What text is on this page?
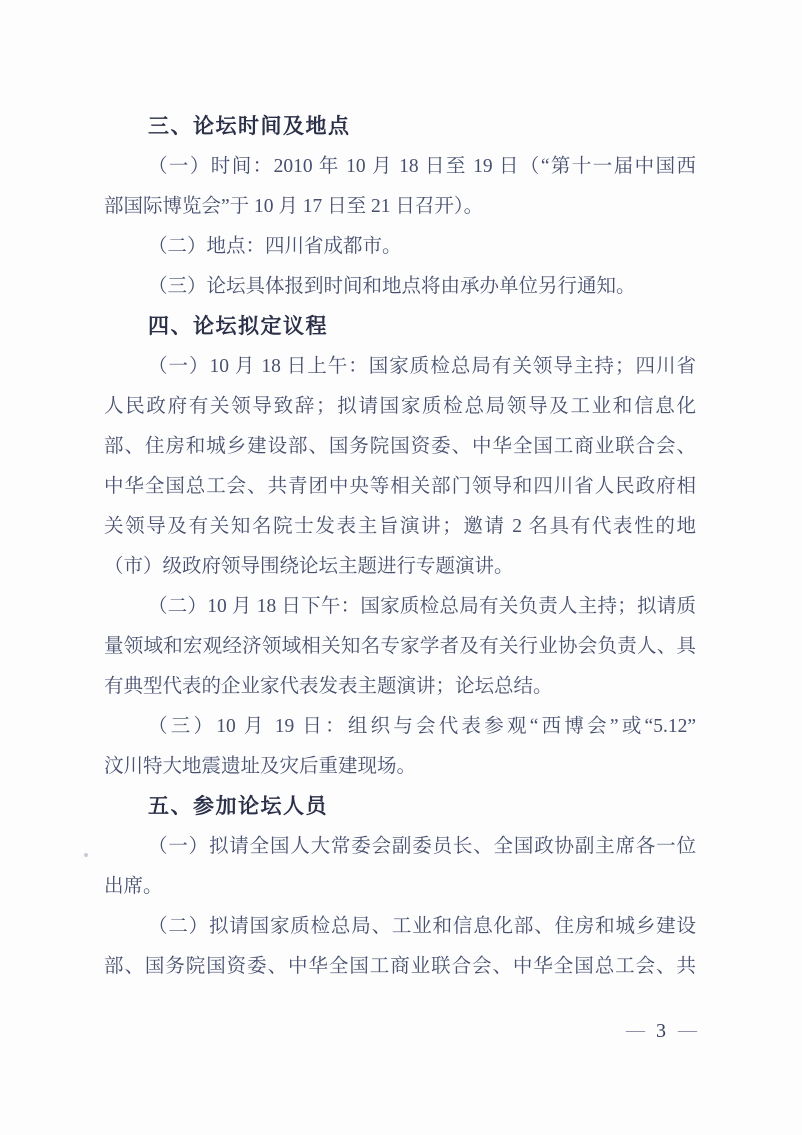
三、论坛时间及地点
（一）时间：2010 年 10 月 18 日至 19 日（“第十一届中国西
部国际博览会”于 10 月 17 日至 21 日召开）。
（二）地点：四川省成都市。
（三）论坛具体报到时间和地点将由承办单位另行通知。
四、论坛拟定议程
（一）10 月 18 日上午：国家质检总局有关领导主持；四川省
人民政府有关领导致辞；拟请国家质检总局领导及工业和信息化
部、住房和城乡建设部、国务院国资委、中华全国工商业联合会、
中华全国总工会、共青团中央等相关部门领导和四川省人民政府相
关领导及有关知名院士发表主旨演讲；邀请 2 名具有代表性的地
（市）级政府领导围绕论坛主题进行专题演讲。
（二）10 月 18 日下午：国家质检总局有关负责人主持；拟请质
量领域和宏观经济领域相关知名专家学者及有关行业协会负责人、具
有典型代表的企业家代表发表主题演讲；论坛总结。
（三）10 月 19 日：组织与会代表参观“西博会”或“5.12”
汶川特大地震遗址及灾后重建现场。
五、参加论坛人员
（一）拟请全国人大常委会副委员长、全国政协副主席各一位
出席。
（二）拟请国家质检总局、工业和信息化部、住房和城乡建设
部、国务院国资委、中华全国工商业联合会、中华全国总工会、共
— 3 —
